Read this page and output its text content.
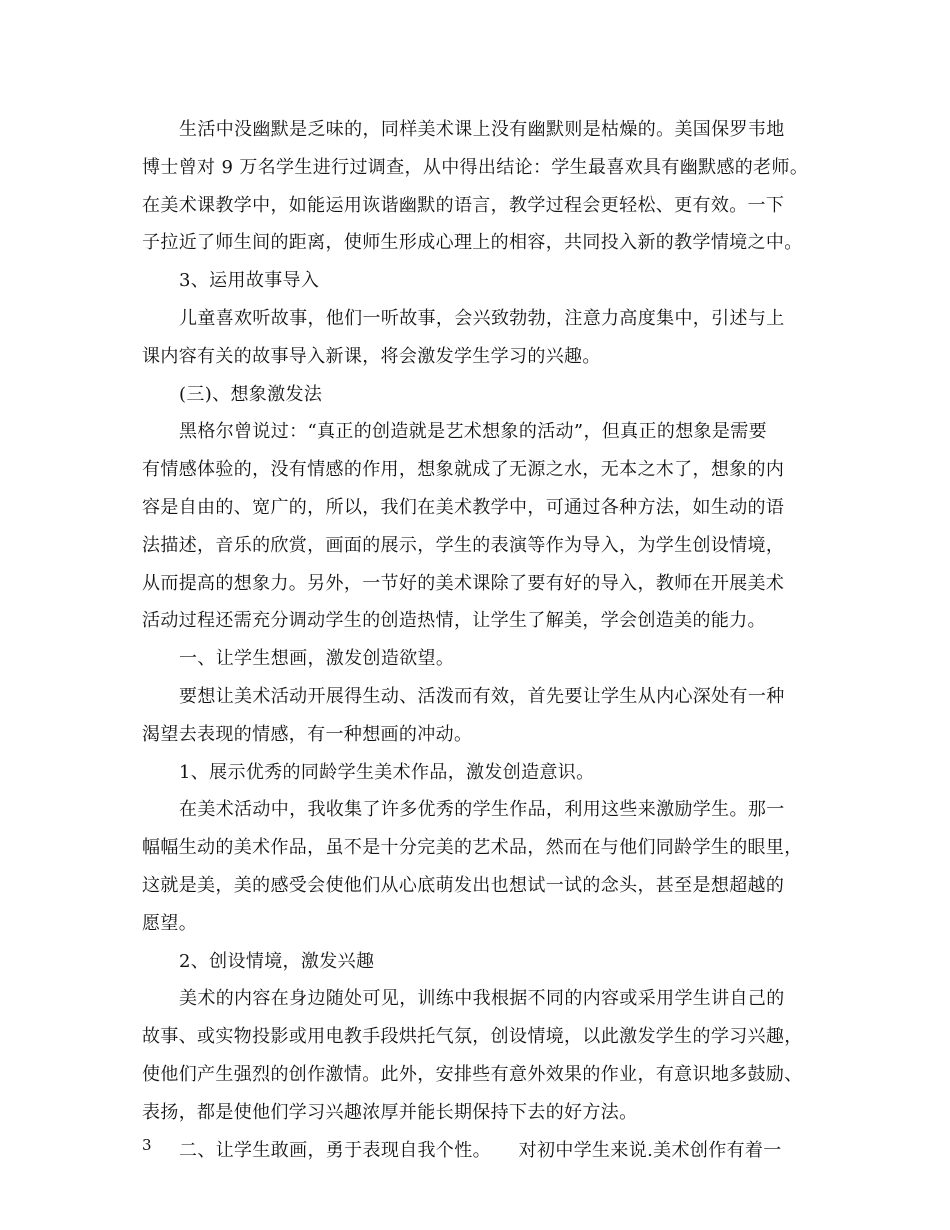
生活中没幽默是乏味的，同样美术课上没有幽默则是枯燥的。美国保罗韦地
博士曾对 9 万名学生进行过调查，从中得出结论：学生最喜欢具有幽默感的老师。
在美术课教学中，如能运用诙谐幽默的语言，教学过程会更轻松、更有效。一下
子拉近了师生间的距离，使师生形成心理上的相容，共同投入新的教学情境之中。
3、运用故事导入
儿童喜欢听故事，他们一听故事，会兴致勃勃，注意力高度集中，引述与上
课内容有关的故事导入新课，将会激发学生学习的兴趣。
(三)、想象激发法
黑格尔曾说过：“真正的创造就是艺术想象的活动”，但真正的想象是需要
有情感体验的，没有情感的作用，想象就成了无源之水，无本之木了，想象的内
容是自由的、宽广的，所以，我们在美术教学中，可通过各种方法，如生动的语
法描述，音乐的欣赏，画面的展示，学生的表演等作为导入，为学生创设情境，
从而提高的想象力。另外，一节好的美术课除了要有好的导入，教师在开展美术
活动过程还需充分调动学生的创造热情，让学生了解美，学会创造美的能力。
一、让学生想画，激发创造欲望。
要想让美术活动开展得生动、活泼而有效，首先要让学生从内心深处有一种
渴望去表现的情感，有一种想画的冲动。
1、展示优秀的同龄学生美术作品，激发创造意识。
在美术活动中，我收集了许多优秀的学生作品，利用这些来激励学生。那一
幅幅生动的美术作品，虽不是十分完美的艺术品，然而在与他们同龄学生的眼里，
这就是美，美的感受会使他们从心底萌发出也想试一试的念头，甚至是想超越的
愿望。
2、创设情境，激发兴趣
美术的内容在身边随处可见，训练中我根据不同的内容或采用学生讲自己的
故事、或实物投影或用电教手段烘托气氛，创设情境，以此激发学生的学习兴趣，
使他们产生强烈的创作激情。此外，安排些有意外效果的作业，有意识地多鼓励、
表扬，都是使他们学习兴趣浓厚并能长期保持下去的好方法。
二、让学生敢画，勇于表现自我个性。　　对初中学生来说.美术创作有着一
3
